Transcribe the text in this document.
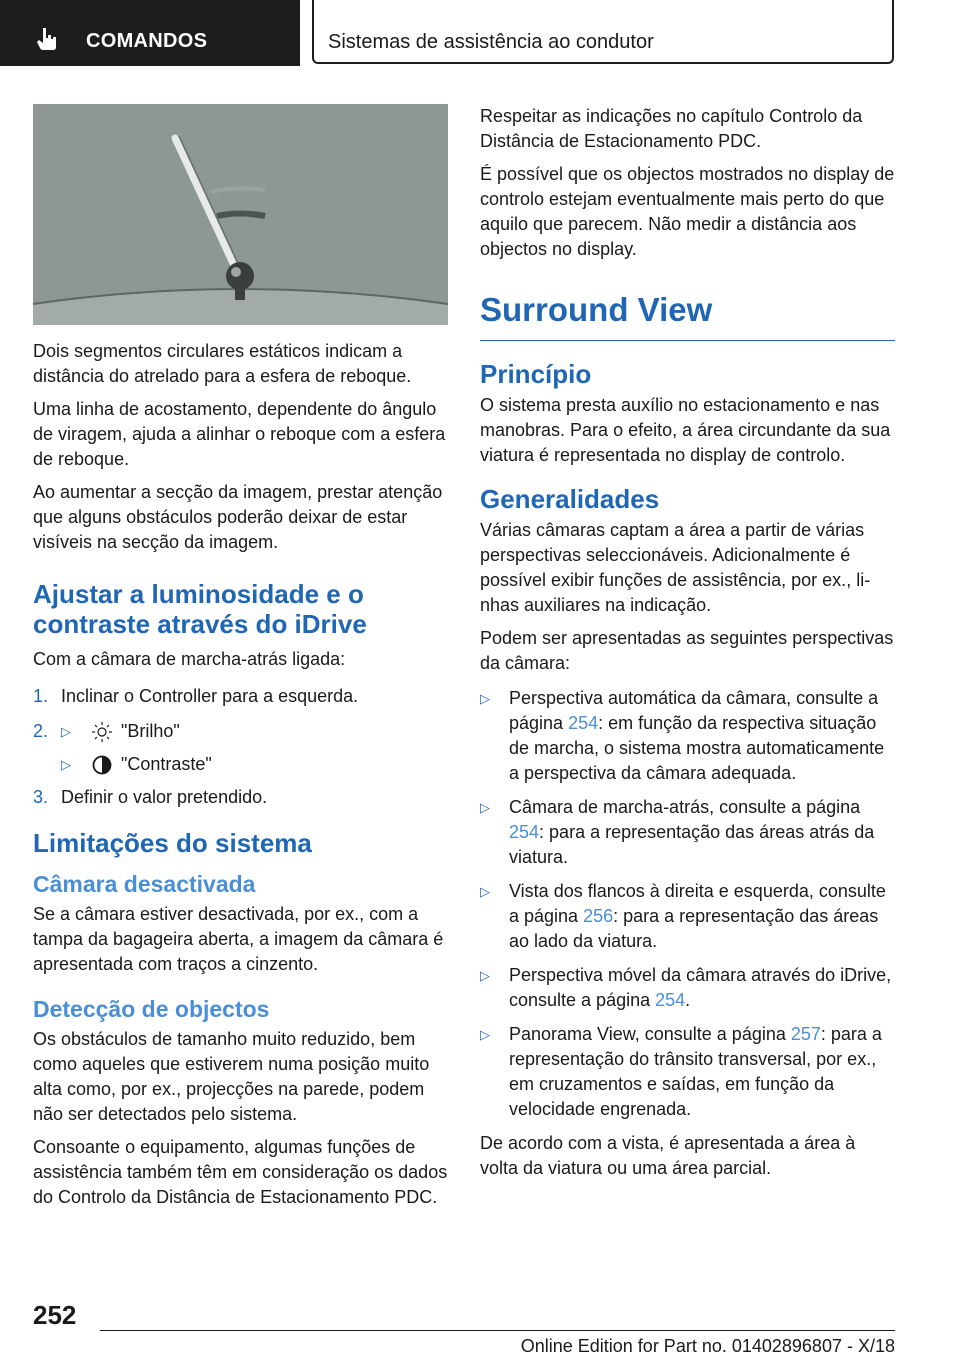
COMANDOS	Sistemas de assistência ao condutor

Dois segmentos circulares estáticos indicam a distância do atrelado para a esfera de reboque.

Uma linha de acostamento, dependente do ângulo de viragem, ajuda a alinhar o reboque com a esfera de reboque.

Ao aumentar a secção da imagem, prestar atenção que alguns obstáculos poderão deixar de estar visíveis na secção da imagem.

Ajustar a luminosidade e o contraste através do iDrive

Com a câmara de marcha-atrás ligada:

1. Inclinar o Controller para a esquerda.
2. ▷	"Brilho"
▷	"Contraste"
3. Definir o valor pretendido.
Limitações do sistema
Câmara desactivada

Se a câmara estiver desactivada, por ex., com a tampa da bagageira aberta, a imagem da câmara é apresentada com traços a cinzento.

Detecção de objectos

Os obstáculos de tamanho muito reduzido, bem como aqueles que estiverem numa posição muito alta como, por ex., projecções na parede, podem não ser detectados pelo sistema.

Consoante o equipamento, algumas funções de assistência também têm em consideração os dados do Controlo da Distância de Estacionamento PDC.

Respeitar as indicações no capítulo Controlo da Distância de Estacionamento PDC.

É possível que os objectos mostrados no display de controlo estejam eventualmente mais perto do que aquilo que parecem. Não medir a distância aos objectos no display.

Surround View
Princípio

O sistema presta auxílio no estacionamento e nas manobras. Para o efeito, a área circundante da sua viatura é representada no display de controlo.

Generalidades

Várias câmaras captam a área a partir de várias perspectivas seleccionáveis. Adicionalmente é possível exibir funções de assistência, por ex., linhas auxiliares na indicação.

Podem ser apresentadas as seguintes perspectivas da câmara:

▷ Perspectiva automática da câmara, consulte a página 254: em função da respectiva situação de marcha, o sistema mostra automaticamente a perspectiva da câmara adequada.
▷ Câmara de marcha-atrás, consulte a página 254: para a representação das áreas atrás da viatura.
▷ Vista dos flancos à direita e esquerda, consulte a página 256: para a representação das áreas ao lado da viatura.
▷ Perspectiva móvel da câmara através do iDrive, consulte a página 254.
▷ Panorama View, consulte a página 257: para a representação do trânsito transversal, por ex., em cruzamentos e saídas, em função da velocidade engrenada.

De acordo com a vista, é apresentada a área à volta da viatura ou uma área parcial.

252
Online Edition for Part no. 01402896807 - X/18
